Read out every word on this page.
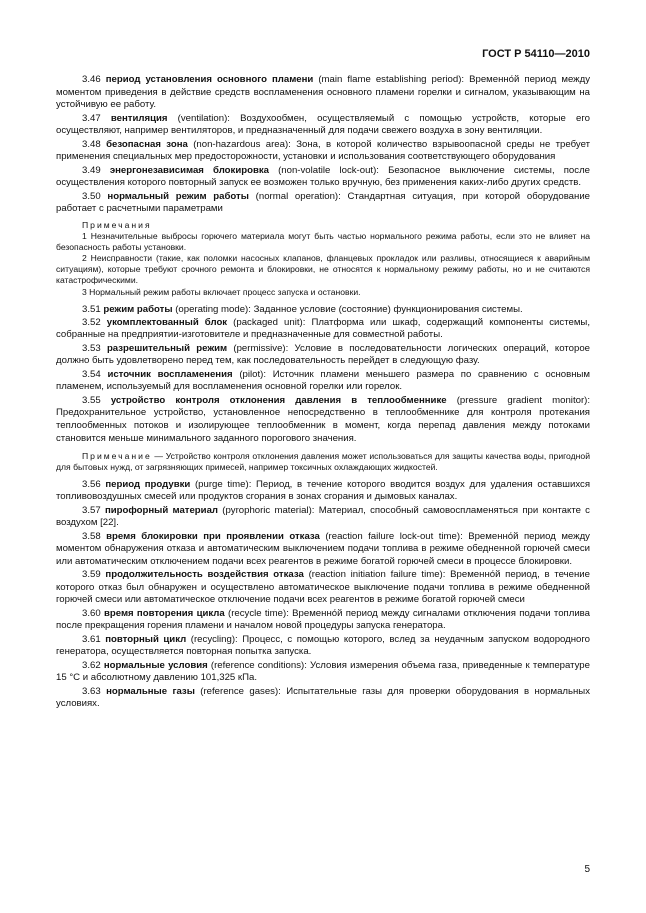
ГОСТ Р 54110—2010

3.46 период установления основного пламени (main flame establishing period): Временно́й период между моментом приведения в действие средств воспламенения основного пламени горелки и сигналом, указывающим на устойчивую ее работу.

3.47 вентиляция (ventilation): Воздухообмен, осуществляемый с помощью устройств, которые его осуществляют, например вентиляторов, и предназначенный для подачи свежего воздуха в зону вентиляции.

3.48 безопасная зона (non-hazardous area): Зона, в которой количество взрывоопасной среды не требует применения специальных мер предосторожности, установки и использования соответствующего оборудования

3.49 энергонезависимая блокировка (non-volatile lock-out): Безопасное выключение системы, после осуществления которого повторный запуск ее возможен только вручную, без применения каких-либо других средств.

3.50 нормальный режим работы (normal operation): Стандартная ситуация, при которой оборудование работает с расчетными параметрами

Примечания

1 Незначительные выбросы горючего материала могут быть частью нормального режима работы, если это не влияет на безопасность работы установки.

2 Неисправности (такие, как поломки насосных клапанов, фланцевых прокладок или разливы, относящиеся к аварийным ситуациям), которые требуют срочного ремонта и блокировки, не относятся к нормальному режиму работы, но и не считаются катастрофическими.

3 Нормальный режим работы включает процесс запуска и остановки.

3.51 режим работы (operating mode): Заданное условие (состояние) функционирования системы.

3.52 укомплектованный блок (packaged unit): Платформа или шкаф, содержащий компоненты системы, собранные на предприятии-изготовителе и предназначенные для совместной работы.

3.53 разрешительный режим (permissive): Условие в последовательности логических операций, которое должно быть удовлетворено перед тем, как последовательность перейдет в следующую фазу.

3.54 источник воспламенения (pilot): Источник пламени меньшего размера по сравнению с основным пламенем, используемый для воспламенения основной горелки или горелок.

3.55 устройство контроля отклонения давления в теплообменнике (pressure gradient monitor): Предохранительное устройство, установленное непосредственно в теплообменнике для контроля протекания теплообменных потоков и изолирующее теплообменник в момент, когда перепад давления между потоками становится меньше минимального заданного порогового значения.

Примечание — Устройство контроля отклонения давления может использоваться для защиты качества воды, пригодной для бытовых нужд, от загрязняющих примесей, например токсичных охлаждающих жидкостей.

3.56 период продувки (purge time): Период, в течение которого вводится воздух для удаления оставшихся топливовоздушных смесей или продуктов сгорания в зонах сгорания и дымовых каналах.

3.57 пирофорный материал (pyrophoric material): Материал, способный самовоспламеняться при контакте с воздухом [22].

3.58 время блокировки при проявлении отказа (reaction failure lock-out time): Временно́й период между моментом обнаружения отказа и автоматическим выключением подачи топлива в режиме обедненной горючей смеси или автоматическим отключением подачи всех реагентов в режиме богатой горючей смеси в процессе блокировки.

3.59 продолжительность воздействия отказа (reaction initiation failure time): Временно́й период, в течение которого отказ был обнаружен и осуществлено автоматическое выключение подачи топлива в режиме обедненной горючей смеси или автоматическое отключение подачи всех реагентов в режиме богатой горючей смеси

3.60 время повторения цикла (recycle time): Временно́й период между сигналами отключения подачи топлива после прекращения горения пламени и началом новой процедуры запуска генератора.

3.61 повторный цикл (recycling): Процесс, с помощью которого, вслед за неудачным запуском водородного генератора, осуществляется повторная попытка запуска.

3.62 нормальные условия (reference conditions): Условия измерения объема газа, приведенные к температуре 15 °С и абсолютному давлению 101,325 кПа.

3.63 нормальные газы (reference gases): Испытательные газы для проверки оборудования в нормальных условиях.

5
